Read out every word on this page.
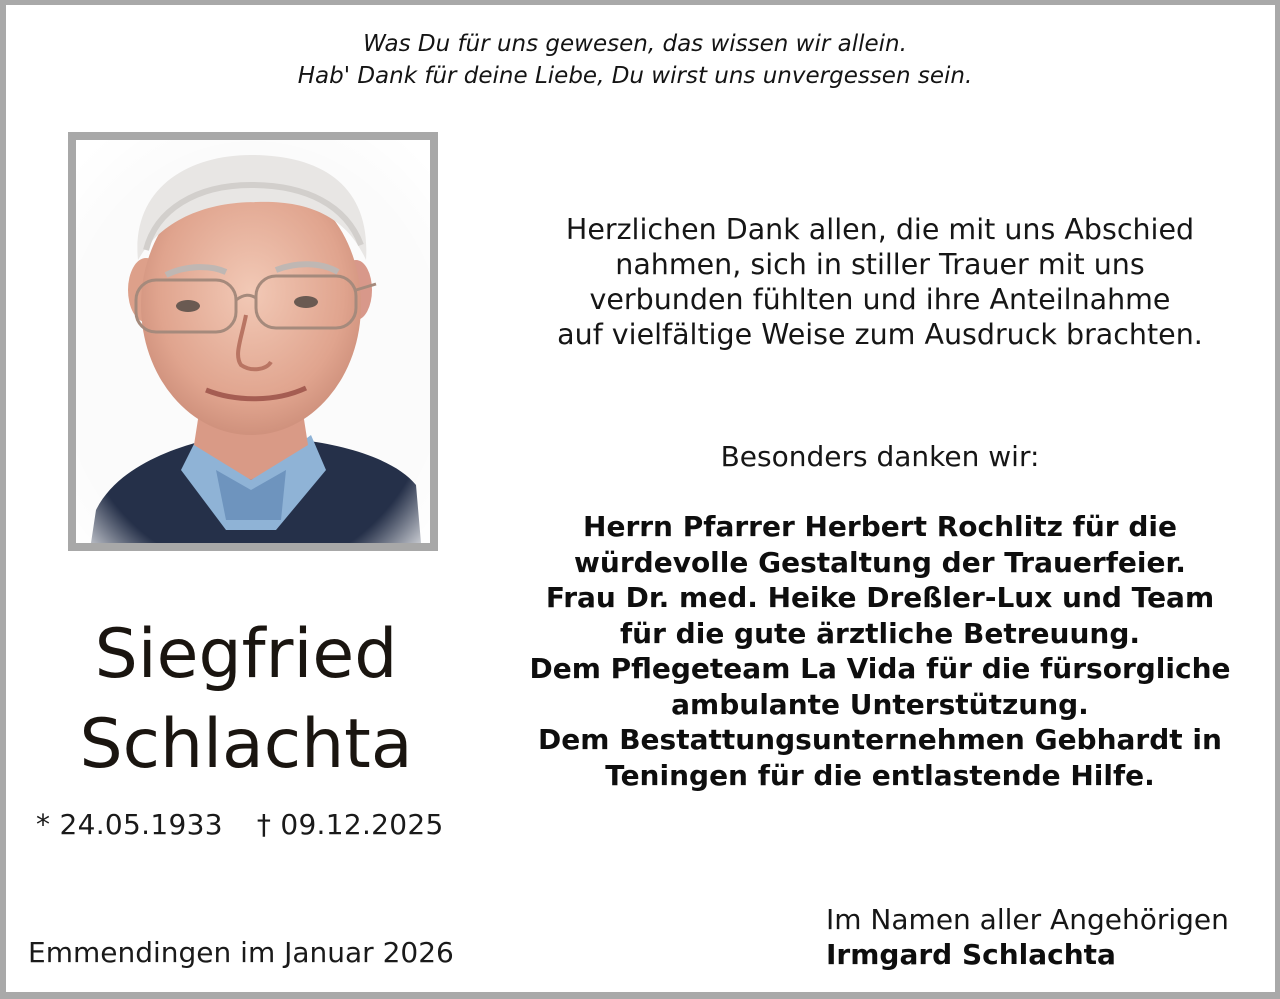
Was Du für uns gewesen, das wissen wir allein.
Hab' Dank für deine Liebe, Du wirst uns unvergessen sein.
Siegfried
Schlachta
* 24.05.1933 † 09.12.2025
Emmendingen im Januar 2026
Herzlichen Dank allen, die mit uns Abschied
nahmen, sich in stiller Trauer mit uns
verbunden fühlten und ihre Anteilnahme
auf vielfältige Weise zum Ausdruck brachten.
Besonders danken wir:
Herrn Pfarrer Herbert Rochlitz für die
würdevolle Gestaltung der Trauerfeier.
Frau Dr. med. Heike Dreßler-Lux und Team
für die gute ärztliche Betreuung.
Dem Pflegeteam La Vida für die fürsorgliche
ambulante Unterstützung.
Dem Bestattungsunternehmen Gebhardt in
Teningen für die entlastende Hilfe.
Im Namen aller Angehörigen
Irmgard Schlachta
